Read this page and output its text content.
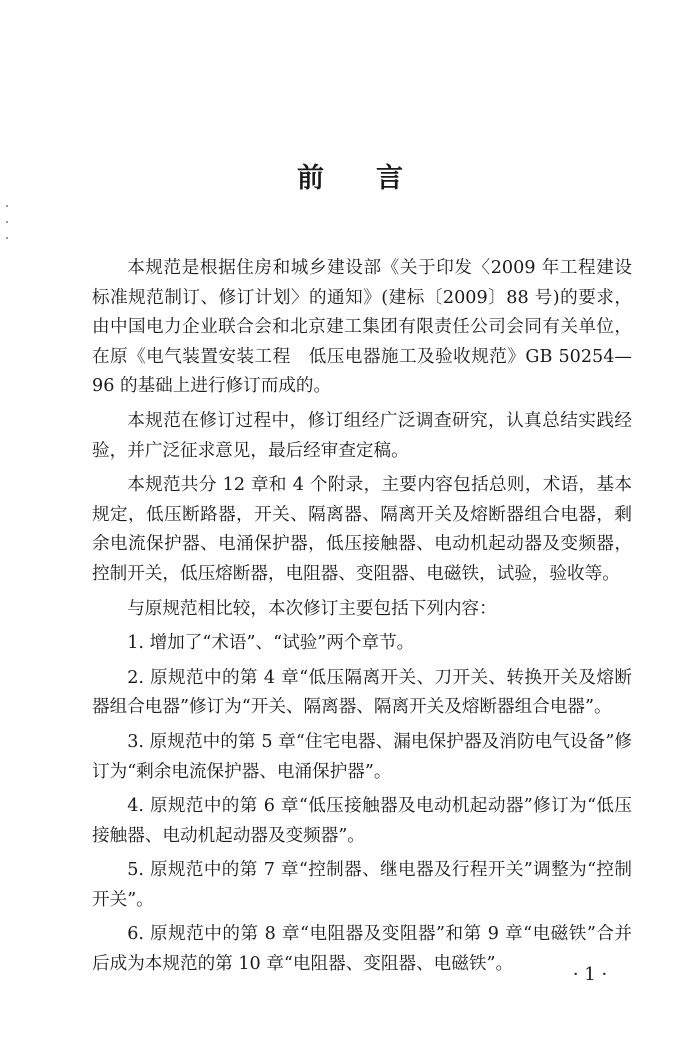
前 言

本规范是根据住房和城乡建设部《关于印发〈2009 年工程建设标准规范制订、修订计划〉的通知》(建标〔2009〕88 号)的要求，由中国电力企业联合会和北京建工集团有限责任公司会同有关单位，在原《电气装置安装工程　低压电器施工及验收规范》GB 50254—96 的基础上进行修订而成的。

本规范在修订过程中，修订组经广泛调查研究，认真总结实践经验，并广泛征求意见，最后经审查定稿。

本规范共分 12 章和 4 个附录，主要内容包括总则，术语，基本规定，低压断路器，开关、隔离器、隔离开关及熔断器组合电器，剩余电流保护器、电涌保护器，低压接触器、电动机起动器及变频器，控制开关，低压熔断器，电阻器、变阻器、电磁铁，试验，验收等。

与原规范相比较，本次修订主要包括下列内容：

1. 增加了“术语”、“试验”两个章节。

2. 原规范中的第 4 章“低压隔离开关、刀开关、转换开关及熔断器组合电器”修订为“开关、隔离器、隔离开关及熔断器组合电器”。

3. 原规范中的第 5 章“住宅电器、漏电保护器及消防电气设备”修订为“剩余电流保护器、电涌保护器”。

4. 原规范中的第 6 章“低压接触器及电动机起动器”修订为“低压接触器、电动机起动器及变频器”。

5. 原规范中的第 7 章“控制器、继电器及行程开关”调整为“控制开关”。

6. 原规范中的第 8 章“电阻器及变阻器”和第 9 章“电磁铁”合并后成为本规范的第 10 章“电阻器、变阻器、电磁铁”。	· 1 ·
